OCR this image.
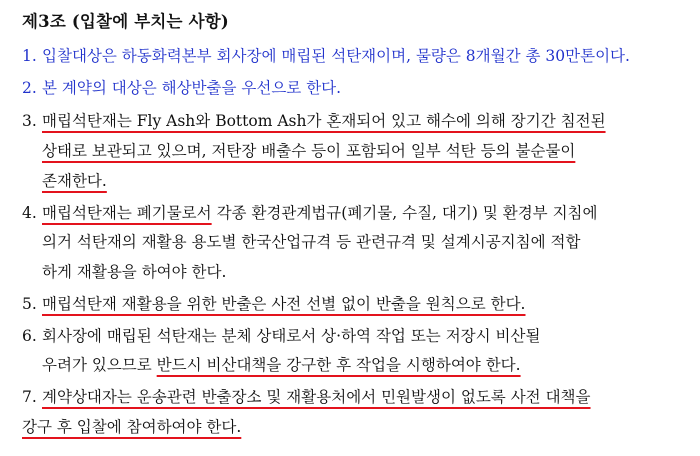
제3조 (입찰에 부치는 사항)
1. 입찰대상은 하동화력본부 회사장에 매립된 석탄재이며, 물량은 8개월간 총 30만톤이다.
2. 본 계약의 대상은 해상반출을 우선으로 한다.
3. 매립석탄재는 Fly Ash와 Bottom Ash가 혼재되어 있고 해수에 의해 장기간 침전된
상태로 보관되고 있으며, 저탄장 배출수 등이 포함되어 일부 석탄 등의 불순물이
존재한다.
4. 매립석탄재는 폐기물로서 각종 환경관계법규(폐기물, 수질, 대기) 및 환경부 지침에
의거 석탄재의 재활용 용도별 한국산업규격 등 관련규격 및 설계시공지침에 적합
하게 재활용을 하여야 한다.
5. 매립석탄재 재활용을 위한 반출은 사전 선별 없이 반출을 원칙으로 한다.
6. 회사장에 매립된 석탄재는 분체 상태로서 상·하역 작업 또는 저장시 비산될
우려가 있으므로 반드시 비산대책을 강구한 후 작업을 시행하여야 한다.
7. 계약상대자는 운송관련 반출장소 및 재활용처에서 민원발생이 없도록 사전 대책을
강구 후 입찰에 참여하여야 한다.
